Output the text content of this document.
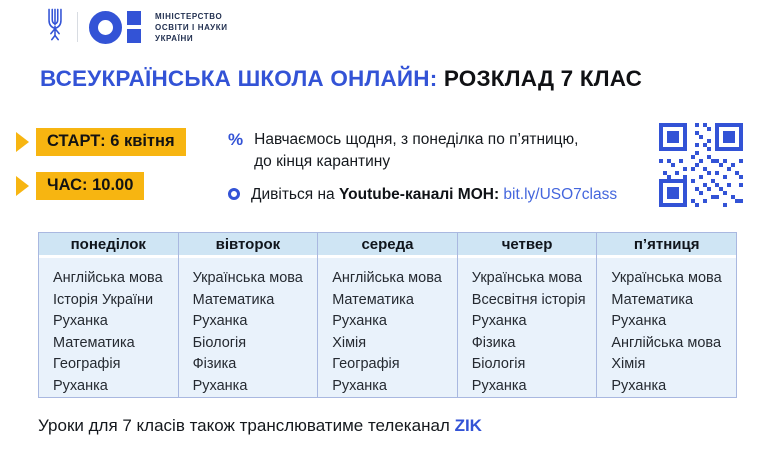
МІНІСТЕРСТВО
ОСВІТИ І НАУКИ
УКРАЇНИ
ВСЕУКРАЇНСЬКА ШКОЛА ОНЛАЙН: РОЗКЛАД 7 КЛАС
СТАРТ: 6 квітня
ЧАС: 10.00
% Навчаємось щодня, з понеділка по п’ятницю,
до кінця карантину
Дивіться на Youtube-каналі МОН: bit.ly/USO7class
понеділок
Англійська мова
Історія України
Руханка
Математика
Географія
Руханка
вівторок
Українська мова
Математика
Руханка
Біологія
Фізика
Руханка
середа
Англійська мова
Математика
Руханка
Хімія
Географія
Руханка
четвер
Українська мова
Всесвітня історія
Руханка
Фізика
Біологія
Руханка
п’ятниця
Українська мова
Математика
Руханка
Англійська мова
Хімія
Руханка
Уроки для 7 класів також транслюватиме телеканал ZIK
